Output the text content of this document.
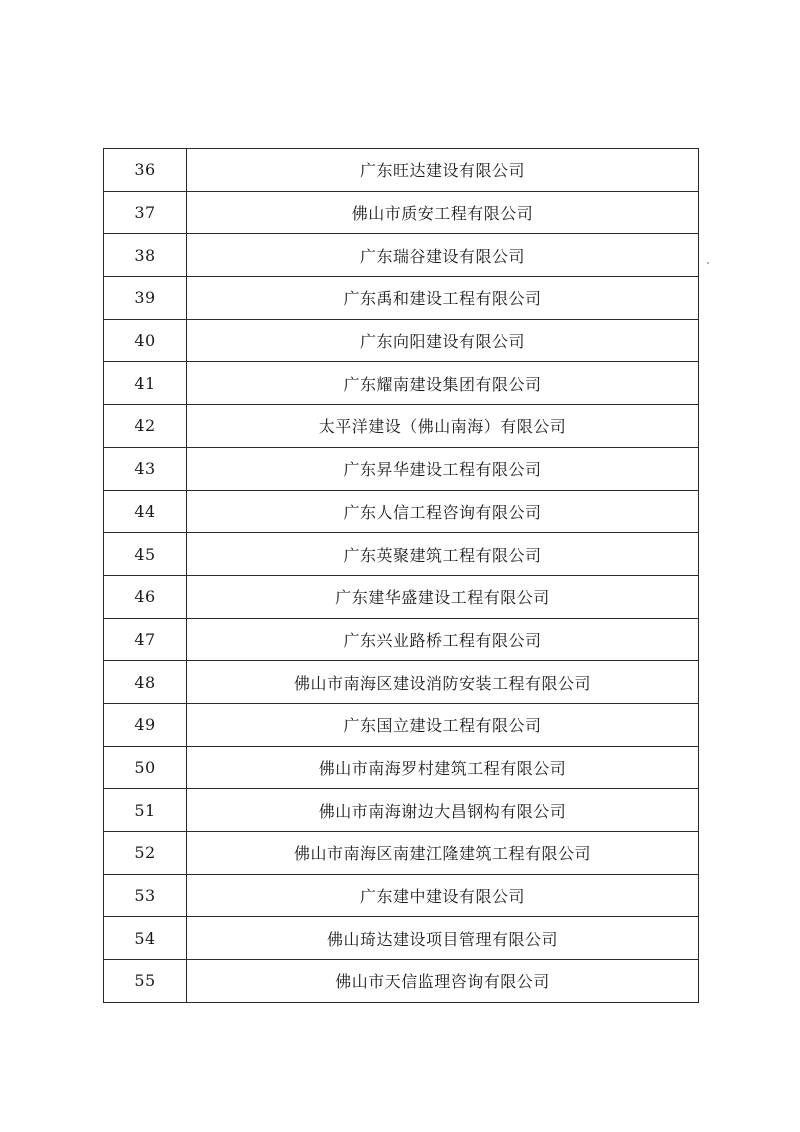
36	广东旺达建设有限公司
37	佛山市质安工程有限公司
38	广东瑞谷建设有限公司
39	广东禹和建设工程有限公司
40	广东向阳建设有限公司
41	广东耀南建设集团有限公司
42	太平洋建设（佛山南海）有限公司
43	广东昇华建设工程有限公司
44	广东人信工程咨询有限公司
45	广东英聚建筑工程有限公司
46	广东建华盛建设工程有限公司
47	广东兴业路桥工程有限公司
48	佛山市南海区建设消防安装工程有限公司
49	广东国立建设工程有限公司
50	佛山市南海罗村建筑工程有限公司
51	佛山市南海谢边大昌钢构有限公司
52	佛山市南海区南建江隆建筑工程有限公司
53	广东建中建设有限公司
54	佛山琦达建设项目管理有限公司
55	佛山市天信监理咨询有限公司
